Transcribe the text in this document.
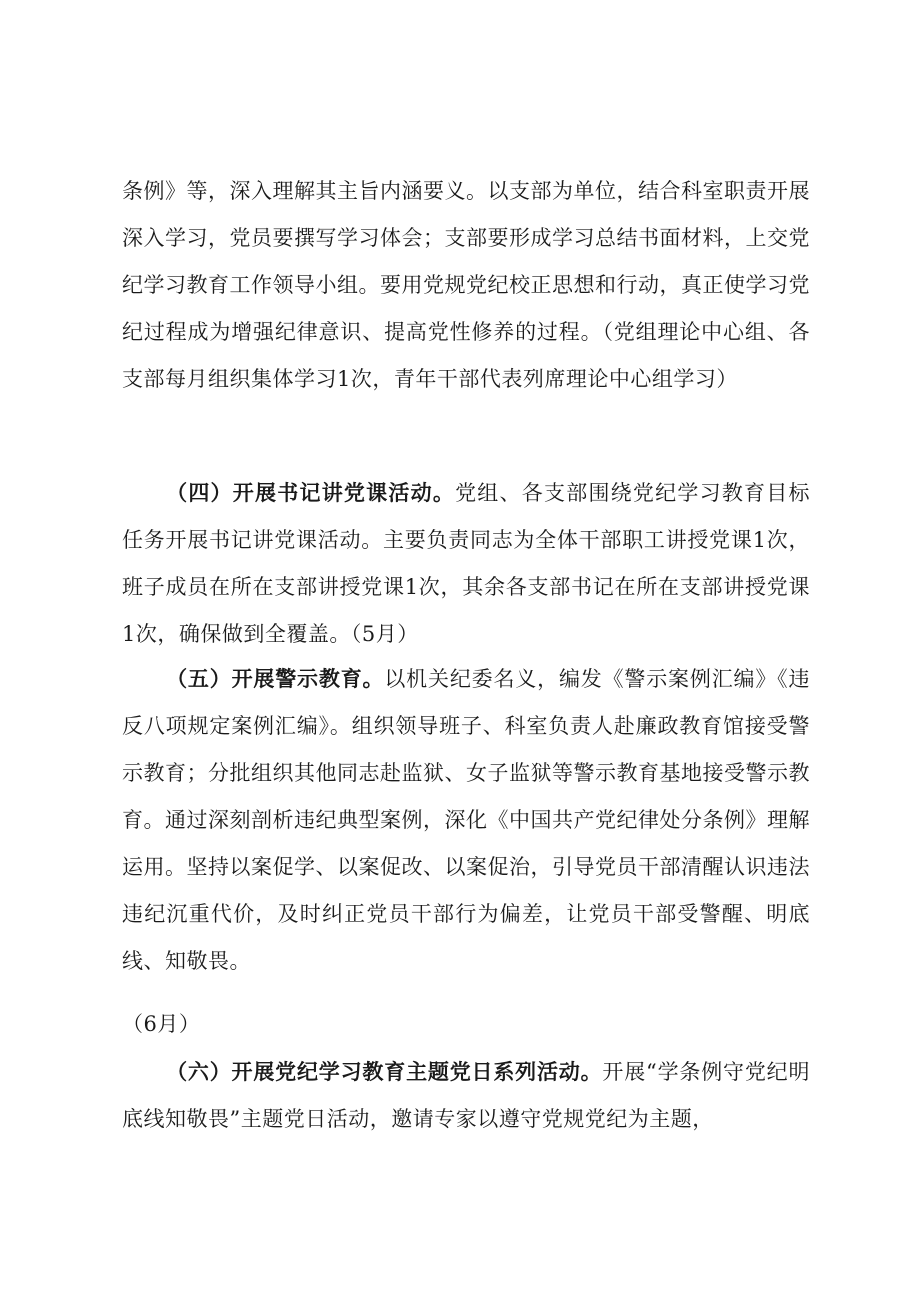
条例》等，深入理解其主旨内涵要义。以支部为单位，结合科室职责开展深入学习，党员要撰写学习体会；支部要形成学习总结书面材料，上交党纪学习教育工作领导小组。要用党规党纪校正思想和行动，真正使学习党纪过程成为增强纪律意识、提高党性修养的过程。（党组理论中心组、各支部每月组织集体学习1次，青年干部代表列席理论中心组学习）
（四）开展书记讲党课活动。党组、各支部围绕党纪学习教育目标任务开展书记讲党课活动。主要负责同志为全体干部职工讲授党课1次，班子成员在所在支部讲授党课1次，其余各支部书记在所在支部讲授党课1次，确保做到全覆盖。（5月）
（五）开展警示教育。以机关纪委名义，编发《警示案例汇编》《违反八项规定案例汇编》。组织领导班子、科室负责人赴廉政教育馆接受警示教育；分批组织其他同志赴监狱、女子监狱等警示教育基地接受警示教育。通过深刻剖析违纪典型案例，深化《中国共产党纪律处分条例》理解运用。坚持以案促学、以案促改、以案促治，引导党员干部清醒认识违法违纪沉重代价，及时纠正党员干部行为偏差，让党员干部受警醒、明底线、知敬畏。
（6月）
（六）开展党纪学习教育主题党日系列活动。开展“学条例守党纪明底线知敬畏”主题党日活动，邀请专家以遵守党规党纪为主题，
